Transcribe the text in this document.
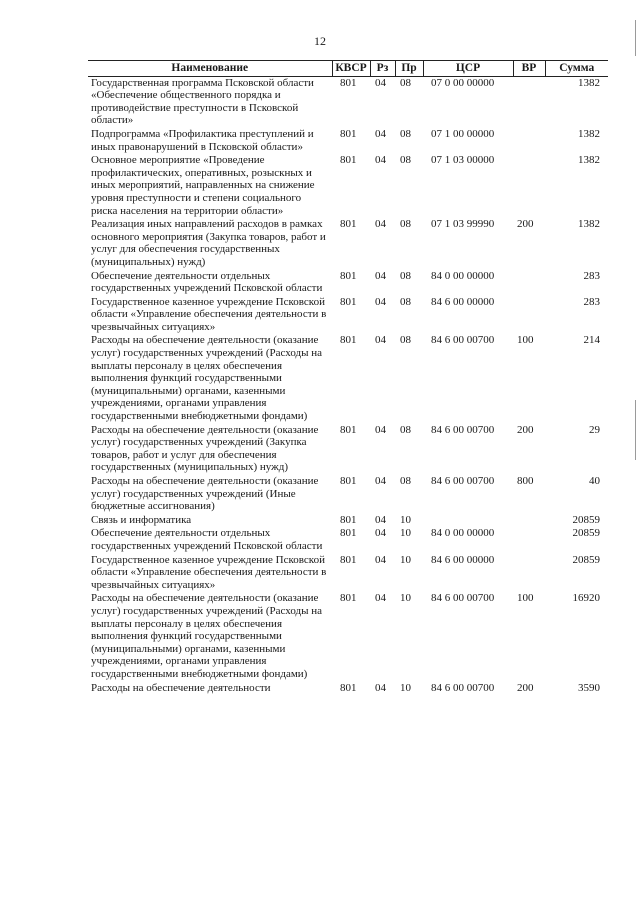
12
Наименование	КВСР	Рз	Пр	ЦСР	ВР	Сумма
Государственная программа Псковской области «Обеспечение общественного порядка и противодействие преступности в Псковской области»	801	04	08	07 0 00 00000		1382
Подпрограмма «Профилактика преступлений и иных правонарушений в Псковской области»	801	04	08	07 1 00 00000		1382
Основное мероприятие «Проведение профилактических, оперативных, розыскных и иных мероприятий, направленных на снижение уровня преступности и степени социального риска населения на территории области»	801	04	08	07 1 03 00000		1382
Реализация иных направлений расходов в рамках основного мероприятия (Закупка товаров, работ и услуг для обеспечения государственных (муниципальных) нужд)	801	04	08	07 1 03 99990	200	1382
Обеспечение деятельности отдельных государственных учреждений Псковской области	801	04	08	84 0 00 00000		283
Государственное казенное учреждение Псковской области «Управление обеспечения деятельности в чрезвычайных ситуациях»	801	04	08	84 6 00 00000		283
Расходы на обеспечение деятельности (оказание услуг) государственных учреждений (Расходы на выплаты персоналу в целях обеспечения выполнения функций государственными (муниципальными) органами, казенными учреждениями, органами управления государственными внебюджетными фондами)	801	04	08	84 6 00 00700	100	214
Расходы на обеспечение деятельности (оказание услуг) государственных учреждений (Закупка товаров, работ и услуг для обеспечения государственных (муниципальных) нужд)	801	04	08	84 6 00 00700	200	29
Расходы на обеспечение деятельности (оказание услуг) государственных учреждений (Иные бюджетные ассигнования)	801	04	08	84 6 00 00700	800	40
Связь и информатика	801	04	10			20859
Обеспечение деятельности отдельных государственных учреждений Псковской области	801	04	10	84 0 00 00000		20859
Государственное казенное учреждение Псковской области «Управление обеспечения деятельности в чрезвычайных ситуациях»	801	04	10	84 6 00 00000		20859
Расходы на обеспечение деятельности (оказание услуг) государственных учреждений (Расходы на выплаты персоналу в целях обеспечения выполнения функций государственными (муниципальными) органами, казенными учреждениями, органами управления государственными внебюджетными фондами)	801	04	10	84 6 00 00700	100	16920
Расходы на обеспечение деятельности	801	04	10	84 6 00 00700	200	3590
